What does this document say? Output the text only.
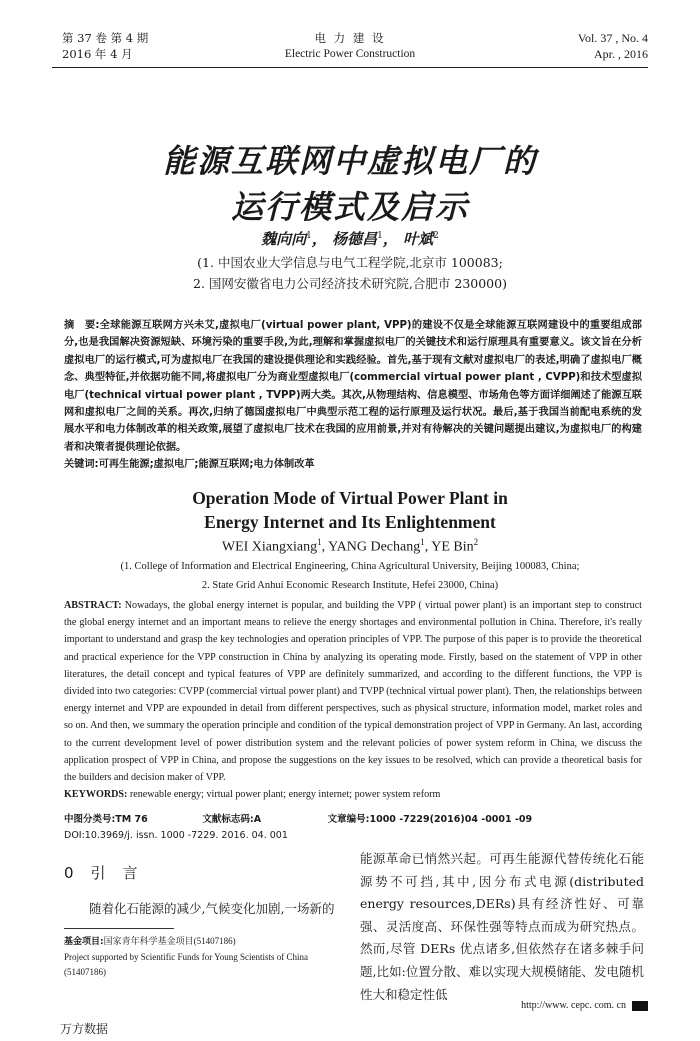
第 37 卷 第 4 期
2016 年 4 月
电 力 建 设
Electric Power Construction
Vol. 37 , No. 4
Apr. , 2016
能源互联网中虚拟电厂的
运行模式及启示
魏向向$^1$， 杨德昌$^1$， 叶斌$^2$
(1. 中国农业大学信息与电气工程学院,北京市 100083;
2. 国网安徽省电力公司经济技术研究院,合肥市 230000)
摘　要:全球能源互联网方兴未艾,虚拟电厂(virtual power plant, VPP)的建设不仅是全球能源互联网建设中的重要组成部分,也是我国解决资源短缺、环境污染的重要手段,为此,理解和掌握虚拟电厂的关键技术和运行原理具有重要意义。该文旨在分析虚拟电厂的运行模式,可为虚拟电厂在我国的建设提供理论和实践经验。首先,基于现有文献对虚拟电厂的表述,明确了虚拟电厂概念、典型特征,并依据功能不同,将虚拟电厂分为商业型虚拟电厂(commercial virtual power plant , CVPP)和技术型虚拟电厂(technical virtual power plant , TVPP)两大类。其次,从物理结构、信息模型、市场角色等方面详细阐述了能源互联网和虚拟电厂之间的关系。再次,归纳了德国虚拟电厂中典型示范工程的运行原理及运行状况。最后,基于我国当前配电系统的发展水平和电力体制改革的相关政策,展望了虚拟电厂技术在我国的应用前景,并对有待解决的关键问题提出建议,为虚拟电厂的构建者和决策者提供理论依据。
关键词:可再生能源;虚拟电厂;能源互联网;电力体制改革
Operation Mode of Virtual Power Plant in
Energy Internet and Its Enlightenment
WEI Xiangxiang$^1$, YANG Dechang$^1$, YE Bin$^2$
(1. College of Information and Electrical Engineering, China Agricultural University, Beijing 100083, China;
2. State Grid Anhui Economic Research Institute, Hefei 23000, China)
ABSTRACT: Nowadays, the global energy internet is popular, and building the VPP ( virtual power plant) is an important step to construct the global energy internet and an important means to relieve the energy shortages and environmental pollution in China. Therefore, it's really important to understand and grasp the key technologies and operation principles of VPP. The purpose of this paper is to provide the theoretical and practical experience for the VPP construction in China by analyzing its operating mode. Firstly, based on the statement of VPP in other literatures, the detail concept and typical features of VPP are definitely summarized, and according to the different functions, the VPP is divided into two categories: CVPP (commercial virtual power plant) and TVPP (technical virtual power plant). Then, the relationships between energy internet and VPP are expounded in detail from different perspectives, such as physical structure, information model, market roles and so on. And then, we summary the operation principle and condition of the typical demonstration project of VPP in Germany. An last, according to the current development level of power distribution system and the relevant policies of power system reform in China, we discuss the application prospect of VPP in China, and propose the suggestions on the key issues to be resolved, which can provide a theoretical basis for the builders and decision maker of VPP.
KEYWORDS: renewable energy; virtual power plant; energy internet; power system reform
中图分类号:TM 76	文献标志码:A	文章编号:1000 -7229(2016)04 -0001 -09
DOI:10.3969/j. issn. 1000 -7229. 2016. 04. 001
0　引　言
随着化石能源的减少,气候变化加剧,一场新的
基金项目:国家青年科学基金项目(51407186)
Project supported by Scientific Funds for Young Scientists of China (51407186)
能源革命已悄然兴起。可再生能源代替传统化石能源势不可挡,其中,因分布式电源(distributed energy resources,DERs)具有经济性好、可靠强、灵活度高、环保性强等特点而成为研究热点。然而,尽管 DERs 优点诸多,但依然存在诸多棘手问题,比如:位置分散、难以实现大规模储能、发电随机性大和稳定性低
http://www. cepc. com. cn
万方数据
